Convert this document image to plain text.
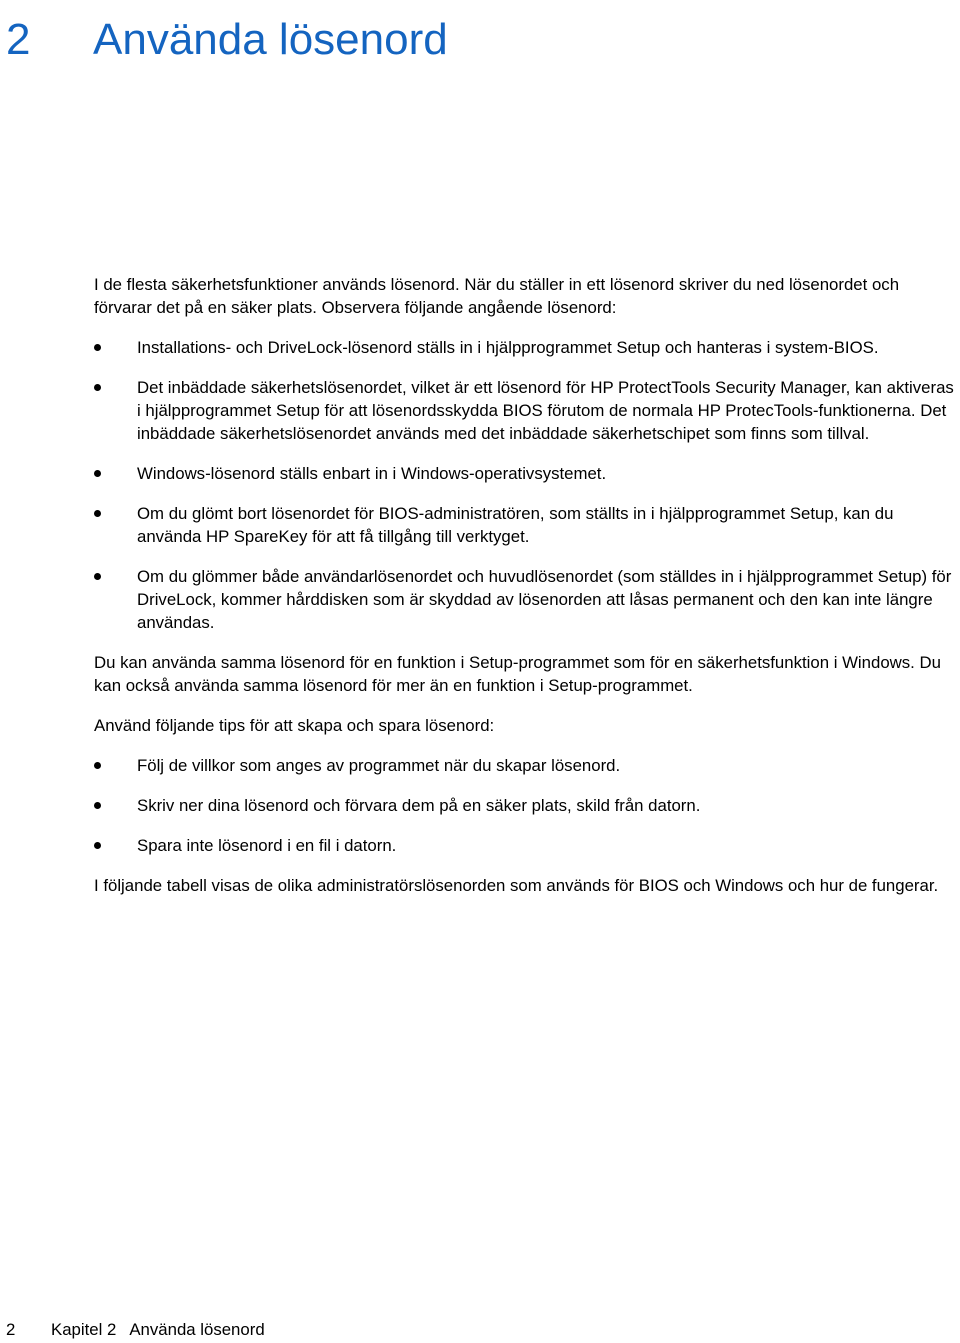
2 Använda lösenord

I de flesta säkerhetsfunktioner används lösenord. När du ställer in ett lösenord skriver du ned lösenordet och förvarar det på en säker plats. Observera följande angående lösenord:

Installations- och DriveLock-lösenord ställs in i hjälpprogrammet Setup och hanteras i system-BIOS.
Det inbäddade säkerhetslösenordet, vilket är ett lösenord för HP ProtectTools Security Manager, kan aktiveras i hjälpprogrammet Setup för att lösenordsskydda BIOS förutom de normala HP ProtecTools-funktionerna. Det inbäddade säkerhetslösenordet används med det inbäddade säkerhetschipet som finns som tillval.
Windows-lösenord ställs enbart in i Windows-operativsystemet.
Om du glömt bort lösenordet för BIOS-administratören, som ställts in i hjälpprogrammet Setup, kan du använda HP SpareKey för att få tillgång till verktyget.
Om du glömmer både användarlösenordet och huvudlösenordet (som ställdes in i hjälpprogrammet Setup) för DriveLock, kommer hårddisken som är skyddad av lösenorden att låsas permanent och den kan inte längre användas.

Du kan använda samma lösenord för en funktion i Setup-programmet som för en säkerhetsfunktion i Windows. Du kan också använda samma lösenord för mer än en funktion i Setup-programmet.

Använd följande tips för att skapa och spara lösenord:

Följ de villkor som anges av programmet när du skapar lösenord.
Skriv ner dina lösenord och förvara dem på en säker plats, skild från datorn.
Spara inte lösenord i en fil i datorn.

I följande tabell visas de olika administratörslösenorden som används för BIOS och Windows och hur de fungerar.

2 Kapitel 2   Använda lösenord
